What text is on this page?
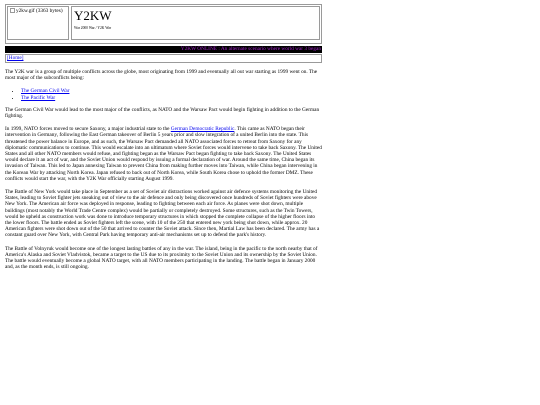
y2kw.gif (3363 bytes) Y2KW
War 2000 War / Y2K War
Y2KW ONLINE : An alternate scenario where world war 3 began
[Home]

The Y2K war is a group of multiple conflicts across the globe, most originating from 1999 and eventually all out war starting as 1999 went on. The most major of the subconflicts being:

• The German Civil War
• The Pacific War

The German Civil War would lead to the most major of the conflicts, as NATO and the Warsaw Pact would begin fighting in addition to the German fighting.

In 1999, NATO forces moved to secure Saxony, a major industrial state to the German Democratic Republic. This came as NATO began their intervention in Germany, following the East German takeover of Berlin 5 years prior and slow integration of a united Berlin into the state. This threatened the power balance in Europe, and as such, the Warsaw Pact demanded all NATO associated forces to retreat from Saxony for any diplomatic communications to continue. This would escalate into an ultimatum where Soviet forces would intervene to take back Saxony. The United States and all other NATO members would refuse, and fighting began as the Warsaw Pact began fighting to take back Saxony. The United States would declare it an act of war, and the Soviet Union would respond by issuing a formal declaration of war. Around the same time, China began its invasion of Taiwan. This led to Japan annexing Taiwan to prevent China from making further moves into Taiwan, while China began intervening in the Korean War by attacking North Korea. Japan refused to back out of North Korea, while South Korea chose to uphold the former DMZ. These conflicts would start the war, with the Y2K War officially starting August 1999.

The Battle of New York would take place in September as a set of Soviet air distractions worked against air defence systems monitoring the United States, leading to Soviet fighter jets sneaking out of view to the air defence and only being discovered once hundreds of Soviet fighters were above New York. The American air force was deployed in response, leading to fighting between each air force. As planes were shot down, multiple buildings (most notably the World Trade Centre complex) would be partially or completely destroyed. Some structures, such as the Twin Towers, would be upheld as construction work was done to introduce temporary structures in which stopped the complete collapse of the higher floors into the lower floors. The battle ended as Soviet fighters left the scene, with 10 of the 250 that entered new york being shot down, while approx. 20 American fighters were shot down out of the 50 that arrived to counter the Soviet attack. Since then, Martial Law has been declared. The army has a constant guard over New York, with Central Park having temporary anti-air mechanisms set up to defend the park's history.

The Battle of Volnyruk would become one of the longest lasting battles of any in the war. The island, being in the pacific to the north nearby that of America's Alaska and Soviet Vladvistok, became a target to the US due to its proximity to the Soviet Union and its ownership by the Soviet Union. The battle would eventually become a global NATO target, with all NATO members participating in the landing. The battle began in January 2000 and, as the month ends, is still ongoing.
